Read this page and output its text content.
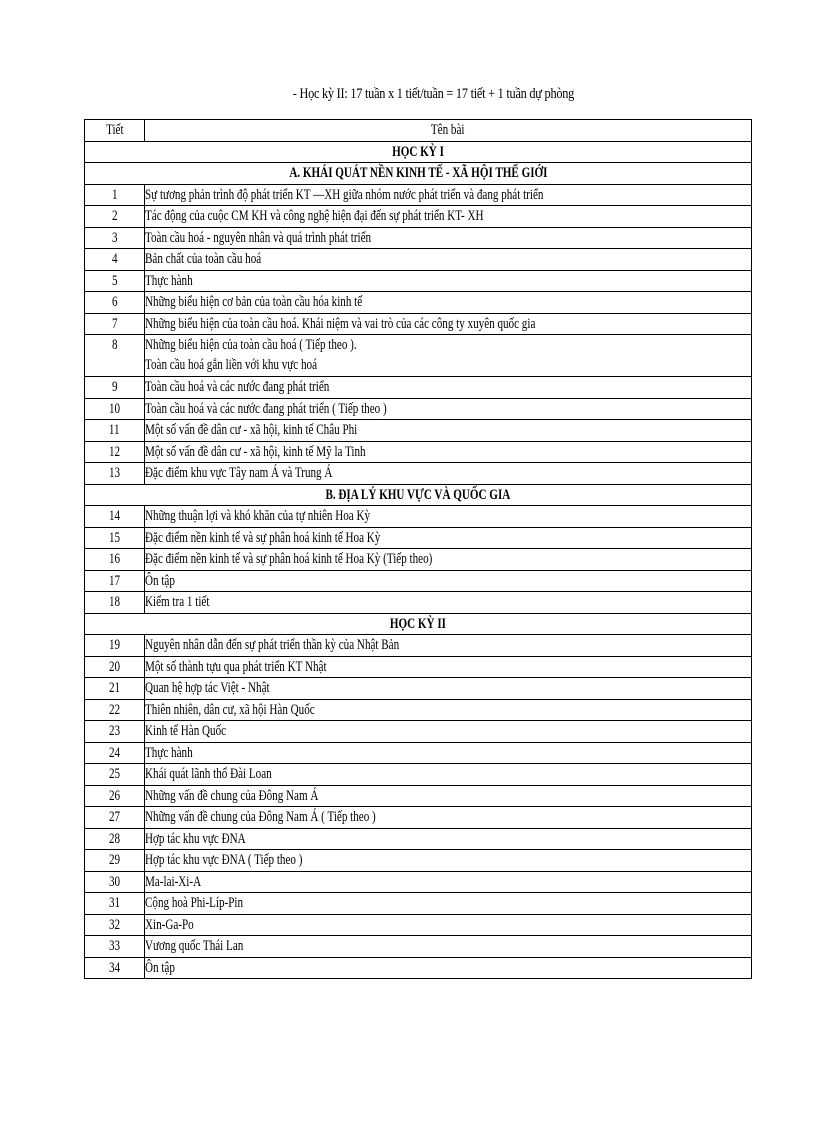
- Học kỳ II: 17 tuần x 1 tiết/tuần = 17 tiết + 1 tuần dự phòng
Tiết	Tên bài
HỌC KỲ I	
A. KHÁI QUÁT NỀN KINH TẾ - XÃ HỘI THẾ GIỚI	
1	Sự tương phản trình độ phát triển KT —XH giữa nhóm nước phát triển và đang phát triển
2	Tác động của cuộc CM KH và công nghệ hiện đại đến sự phát triển KT- XH
3	Toàn cầu hoá - nguyên nhân và quá trình phát triển
4	Bản chất của toàn cầu hoá
5	Thực hành
6	Những biểu hiện cơ bản của toàn cầu hóa kinh tế
7	Những biểu hiện của toàn cầu hoá. Khái niệm và vai trò của các công ty xuyên quốc gia
8	Những biểu hiện của toàn cầu hoá ( Tiếp theo ).
Toàn cầu hoá gắn liền với khu vực hoá
9	Toàn cầu hoá và các nước đang phát triển
10	Toàn cầu hoá và các nước đang phát triển ( Tiếp theo )
11	Một số vấn đề dân cư - xã hội, kinh tế Châu Phi
12	Một số vấn đề dân cư - xã hội, kinh tế Mỹ la Tinh
13	Đặc điểm khu vực Tây nam Á và Trung Á
B. ĐỊA LÝ KHU VỰC VÀ QUỐC GIA	
14	Những thuận lợi và khó khăn của tự nhiên Hoa Kỳ
15	Đặc điểm nền kinh tế và sự phân hoá kinh tế Hoa Kỳ
16	Đặc điểm nền kinh tế và sự phân hoá kinh tế Hoa Kỳ (Tiếp theo)
17	Ôn tập
18	Kiểm tra 1 tiết
HỌC KỲ II	
19	Nguyên nhân dẫn đến sự phát triển thần kỳ của Nhật Bản
20	Một số thành tựu qua phát triển KT Nhật
21	Quan hệ hợp tác Việt - Nhật
22	Thiên nhiên, dân cư, xã hội Hàn Quốc
23	Kinh tế Hàn Quốc
24	Thực hành
25	Khái quát lãnh thổ Đài Loan
26	Những vấn đề chung của Đông Nam Á
27	Những vấn đề chung của Đông Nam Á ( Tiếp theo )
28	Hợp tác khu vực ĐNA
29	Hợp tác khu vực ĐNA ( Tiếp theo )
30	Ma-lai-Xi-A
31	Cộng hoà Phi-Líp-Pin
32	Xin-Ga-Po
33	Vương quốc Thái Lan
34	Ôn tập
